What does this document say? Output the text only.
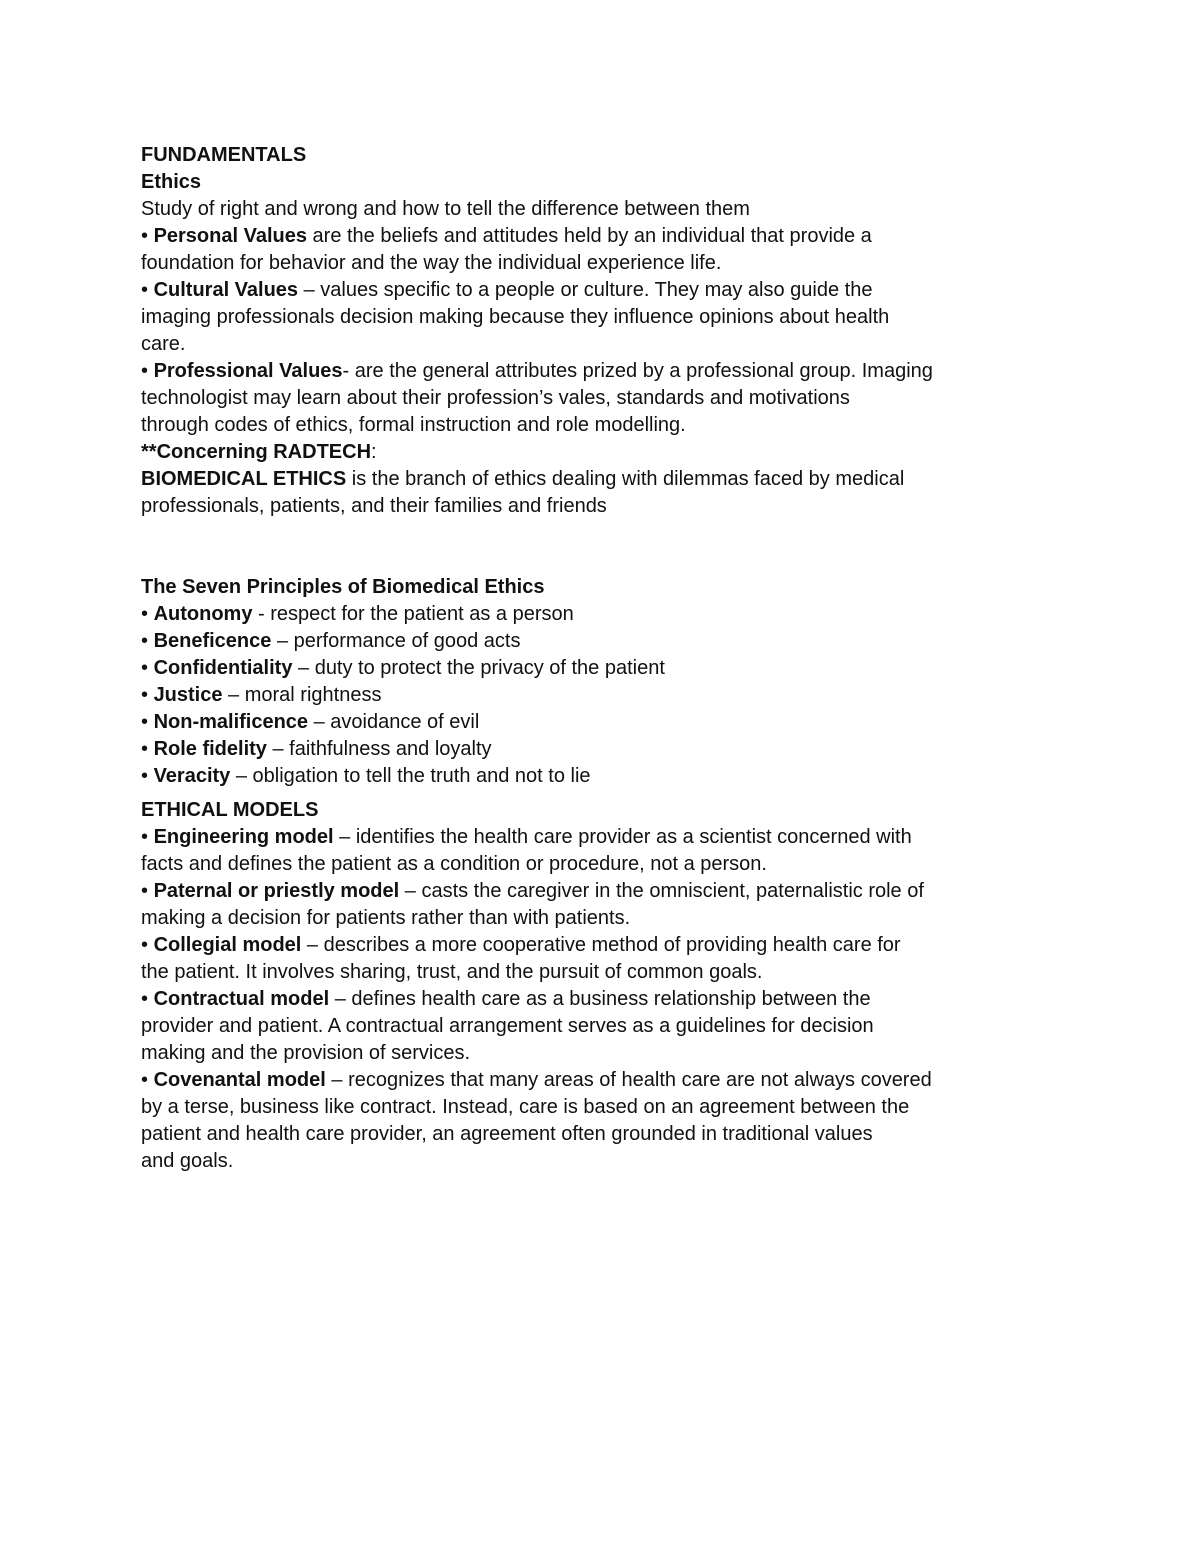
FUNDAMENTALS
Ethics
Study of right and wrong and how to tell the difference between them
• Personal Values are the beliefs and attitudes held by an individual that provide a
foundation for behavior and the way the individual experience life.
• Cultural Values – values specific to a people or culture. They may also guide the
imaging professionals decision making because they influence opinions about health
care.
• Professional Values- are the general attributes prized by a professional group. Imaging
technologist may learn about their profession’s vales, standards and motivations
through codes of ethics, formal instruction and role modelling.
**Concerning RADTECH:
BIOMEDICAL ETHICS is the branch of ethics dealing with dilemmas faced by medical
professionals, patients, and their families and friends
The Seven Principles of Biomedical Ethics
• Autonomy - respect for the patient as a person
• Beneficence – performance of good acts
• Confidentiality – duty to protect the privacy of the patient
• Justice – moral rightness
• Non-malificence – avoidance of evil
• Role fidelity – faithfulness and loyalty
• Veracity – obligation to tell the truth and not to lie
ETHICAL MODELS
• Engineering model – identifies the health care provider as a scientist concerned with
facts and defines the patient as a condition or procedure, not a person.
• Paternal or priestly model – casts the caregiver in the omniscient, paternalistic role of
making a decision for patients rather than with patients.
• Collegial model – describes a more cooperative method of providing health care for
the patient. It involves sharing, trust, and the pursuit of common goals.
• Contractual model – defines health care as a business relationship between the
provider and patient. A contractual arrangement serves as a guidelines for decision
making and the provision of services.
• Covenantal model – recognizes that many areas of health care are not always covered
by a terse, business like contract. Instead, care is based on an agreement between the
patient and health care provider, an agreement often grounded in traditional values
and goals.
